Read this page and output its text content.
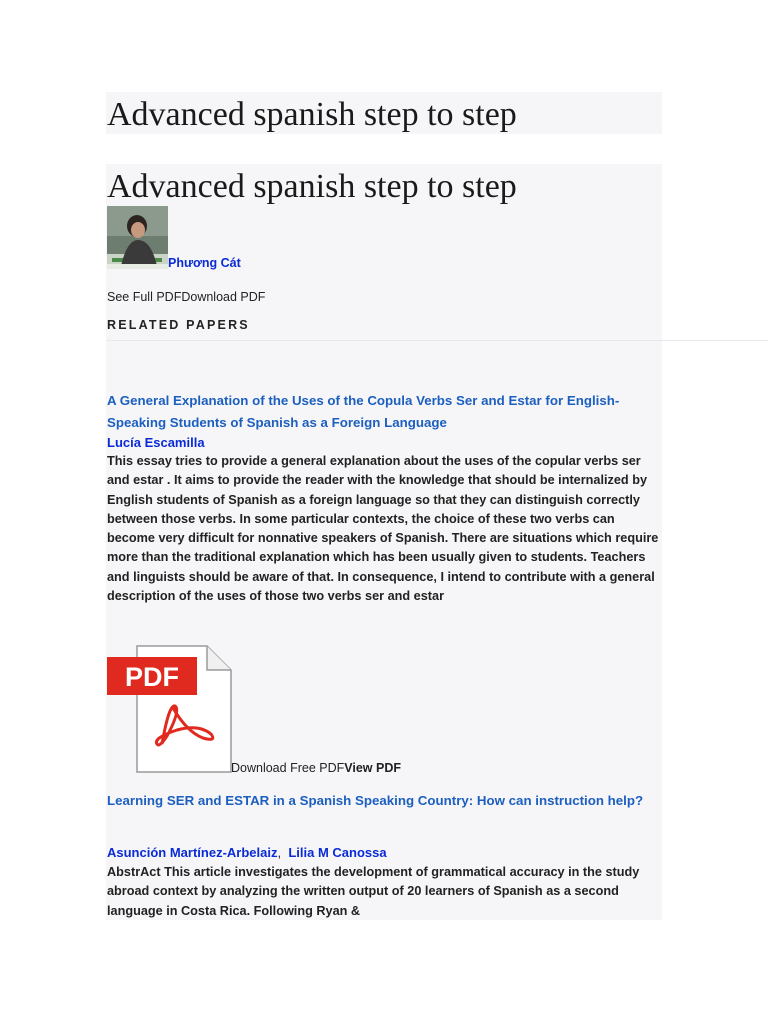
Advanced spanish step to step
Advanced spanish step to step
Phương Cát
See Full PDFDownload PDF
RELATED PAPERS
A General Explanation of the Uses of the Copula Verbs Ser and Estar for English-Speaking Students of Spanish as a Foreign Language
Lucía Escamilla
This essay tries to provide a general explanation about the uses of the copular verbs ser and estar . It aims to provide the reader with the knowledge that should be internalized by English students of Spanish as a foreign language so that they can distinguish correctly between those verbs. In some particular contexts, the choice of these two verbs can become very difficult for nonnative speakers of Spanish. There are situations which require more than the traditional explanation which has been usually given to students. Teachers and linguists should be aware of that. In consequence, I intend to contribute with a general description of the uses of those two verbs ser and estar
PDF
Download Free PDFView PDF
Learning SER and ESTAR in a Spanish Speaking Country: How can instruction help?
Asunción Martínez-Arbelaiz, Lilia M Canossa
AbstrAct This article investigates the development of grammatical accuracy in the study abroad context by analyzing the written output of 20 learners of Spanish as a second language in Costa Rica. Following Ryan &
